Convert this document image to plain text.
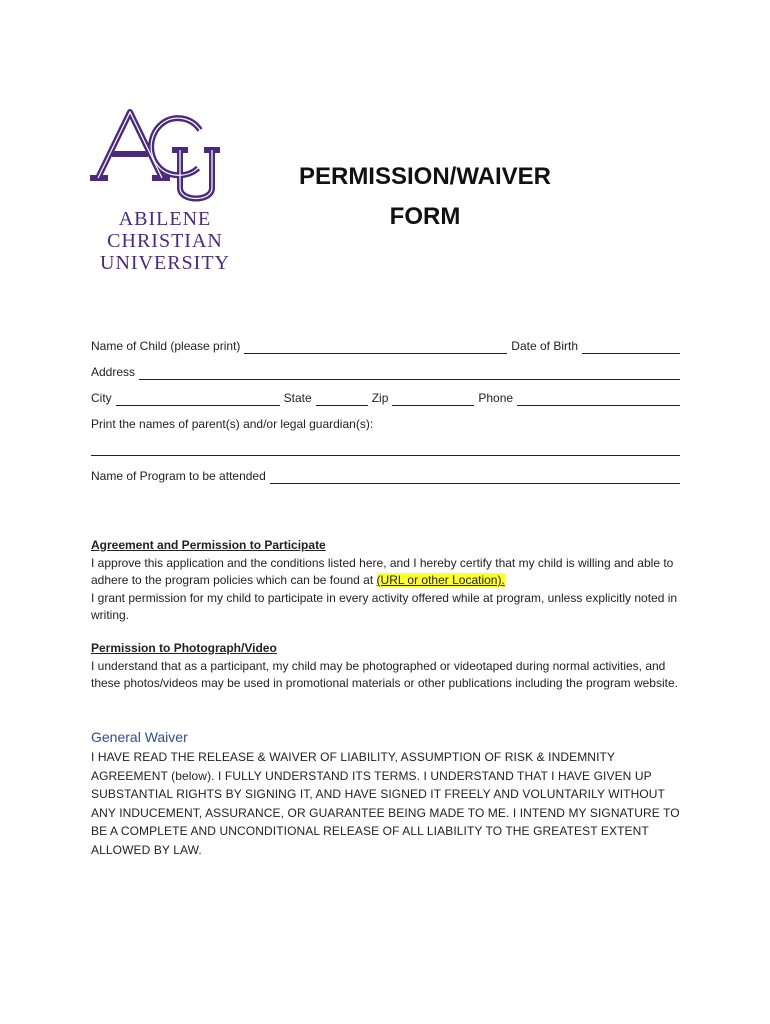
ABILENE
CHRISTIAN
UNIVERSITY
PERMISSION/WAIVER
FORM
Name of Child (please print)	Date of Birth
Address
City	State	Zip	Phone
Print the names of parent(s) and/or legal guardian(s):
Name of Program to be attended
Agreement and Permission to Participate
I approve this application and the conditions listed here, and I hereby certify that my child is willing and able to adhere to the program policies which can be found at (URL or other Location).
I grant permission for my child to participate in every activity offered while at program, unless explicitly noted in writing.
Permission to Photograph/Video
I understand that as a participant, my child may be photographed or videotaped during normal activities, and these photos/videos may be used in promotional materials or other publications including the program website.
General Waiver
I HAVE READ THE RELEASE & WAIVER OF LIABILITY, ASSUMPTION OF RISK & INDEMNITY AGREEMENT (below). I FULLY UNDERSTAND ITS TERMS. I UNDERSTAND THAT I HAVE GIVEN UP SUBSTANTIAL RIGHTS BY SIGNING IT, AND HAVE SIGNED IT FREELY AND VOLUNTARILY WITHOUT ANY INDUCEMENT, ASSURANCE, OR GUARANTEE BEING MADE TO ME. I INTEND MY SIGNATURE TO BE A COMPLETE AND UNCONDITIONAL RELEASE OF ALL LIABILITY TO THE GREATEST EXTENT ALLOWED BY LAW.
